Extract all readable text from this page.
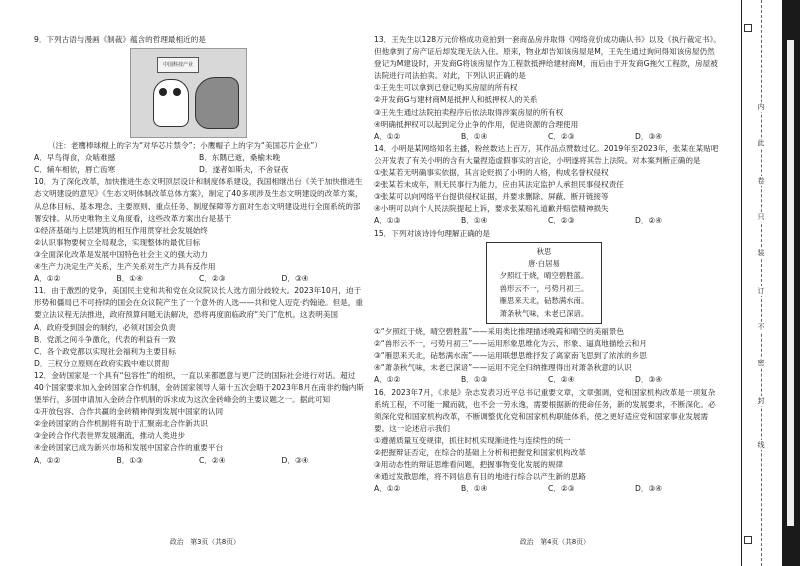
9．下列古语与漫画《制裁》蕴含的哲理最相近的是
中国科技产业
（注：老鹰棒球棍上的字为“对华芯片禁令”；小鹰帽子上的字为“美国芯片企业”）
A．早鸟得食，众啮难撼	B．东隅已逝，桑榆未晚
C．辅车相依，唇亡齿寒	D．遂者如斯夫，不舍昼夜
10．为了深化改革，加快推进生态文明顶层设计和制度体系建设，我国相继出台《关于加快推进生态文明建设的意见》《生态文明体制改革总体方案》，制定了40多项涉及生态文明建设的改革方案，从总体目标、基本理念、主要原则、重点任务、制度保障等方面对生态文明建设进行全面系统的部署安排。从历史唯物主义角度看，这些改革方案出台是基于
①经济基础与上层建筑的相互作用贯穿社会发展始终
②认识事物要树立全局观念，实现整体的最优目标
③全面深化改革是发展中国特色社会主义的强大动力
④生产力决定生产关系，生产关系对生产力具有反作用
A．①②	B．①④	C．②③	D．③④
11．由于激烈的党争，美国民主党和共和党在众议院议长人选方面分歧较大。2023年10月，迫于形势和僵局已不可持续的国会在众议院产生了一个意外的人选——共和党人迈克·约翰逊。但是，重要立法议程无法推进，政府预算问题无法解决，恐将再度面临政府“关门”危机。这表明美国
A．政府受到国会的制约，必须对国会负责
B．党派之间斗争激化，代表的利益有一致
C．各个政党都以实现社会福利为主要目标
D．三权分立原则在政府实践中难以贯彻
12．金砖国家是一个具有“包容性”的组织，一直以来都愿意与更广泛的国际社会进行对话。超过40个国家要求加入金砖国家合作机制，金砖国家领导人第十五次会晤于2023年8月在南非约翰内斯堡举行，多国申请加入金砖合作机制的诉求成为这次金砖峰会的主要议题之一。据此可知
①开放包容、合作共赢的金砖精神得到发展中国家的认同
②金砖国家的合作机制将有助于汇聚南北合作新共识
③金砖合作代表世界发展潮流，推动人类进步
④金砖国家已成为新兴市场和发展中国家合作的重要平台
A．①②	B．①③	C．②④	D．③④
政治　第3页（共8页）
13．王先生以128万元价格成功竞拍到一套商品房并取得《网络竞价成功确认书》以及《执行裁定书》。但他拿到了房产证后却发现无法入住。原来，物业却告知该房屋是M，王先生通过询问得知该房屋仍然登记为M建设时，开发商G将该房屋作为工程款抵押给建材商M，而后由于开发商G拖欠工程款，房屋被法院进行司法拍卖。对此，下列认识正确的是
①王先生可以拿到已登记购买房屋的所有权
②开发商G与建材商M是抵押人和抵押权人的关系
③王先生通过法院拍卖程序后依法取得涉案房屋的所有权
④明确抵押权可以起到定分止争的作用，促进资源的合理使用
A．①②	B．①④	C．②③	D．③④
14．小明是某网络知名主播，粉丝数达上百万，其作品点赞数过亿。2019年至2023年，张某在某贴吧公开发表了有关小明的含有大量捏造虚假事实的言论，小明遂将其告上法院。对本案判断正确的是
①张某若无明确事实依据，其言论贬损了小明的人格，构成名誉权侵权
②张某若未成年，则无民事行为能力，应由其法定监护人承担民事侵权责任
③张某可以向网络平台提供侵权证据，并要求删除、屏蔽、断开链接等
④小明可以向个人民法院提起上诉，要求张某赔礼道歉并赔偿精神损失
A．①③	B．①④	C．②③	D．②④
15．下列对该诗诗句理解正确的是
秋思
唐·白居易
夕照红于烧，晴空碧胜蓝。
兽形云不一，弓势月初三。
雁思来天北，砧愁满水南。
萧条秋气味，未老已深谙。
①“夕照红于烧，晴空碧胜蓝”——采用类比推理描述晚霞和晴空的美丽景色
②“兽形云不一，弓势月初三”——运用形象思维化为云、形象、逼真地描绘云和月
③“雁思来天北，砧愁满水南”——运用联想思维抒发了离家南飞思到了浓浓的乡思
④“萧条秋气味，未老已深谙”——运用不完全归纳推理得出对萧条秋意的认识
A．①②	B．①③	C．②④	D．③④
16．2023年7月，《求是》杂志发表习近平总书记重要文章，文章强调，党和国家机构改革是一项复杂系统工程，不可能一蹴而就，也不会一劳永逸，需要根据新的使命任务，新的发展要求，不断深化。必须深化党和国家机构改革，不断调整优化党和国家机构职能体系，使之更好适应党和国家事业发展需要。这一论述启示我们
①遵循质量互变规律，抓住时机实现渐进性与连续性的统一
②把握辩证否定，在综合的基础上分析和把握党和国家机构改革
③用动态性的辩证思维看问题，把握事物变化发展的规律
④通过发散思维，将不同信息有目的地进行综合以产生新的思路
A．①②	B．①④	C．②③	D．③④
政治　第4页（共8页）
内
此
卷
只
装
订
不
密
封
线
